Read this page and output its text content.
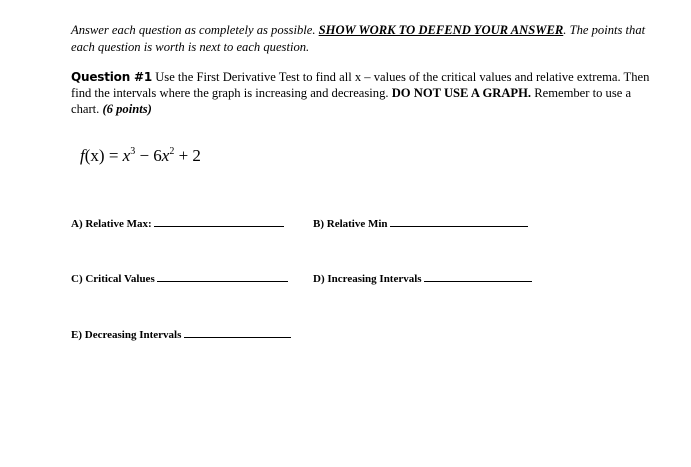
Answer each question as completely as possible. SHOW WORK TO DEFEND YOUR ANSWER. The points that each question is worth is next to each question.
Question #1 Use the First Derivative Test to find all x – values of the critical values and relative extrema. Then find the intervals where the graph is increasing and decreasing. DO NOT USE A GRAPH. Remember to use a chart. (6 points)
$f(x) = x^3 - 6x^2 + 2$
A) Relative Max:	B) Relative Min
C) Critical Values	D) Increasing Intervals
E) Decreasing Intervals
